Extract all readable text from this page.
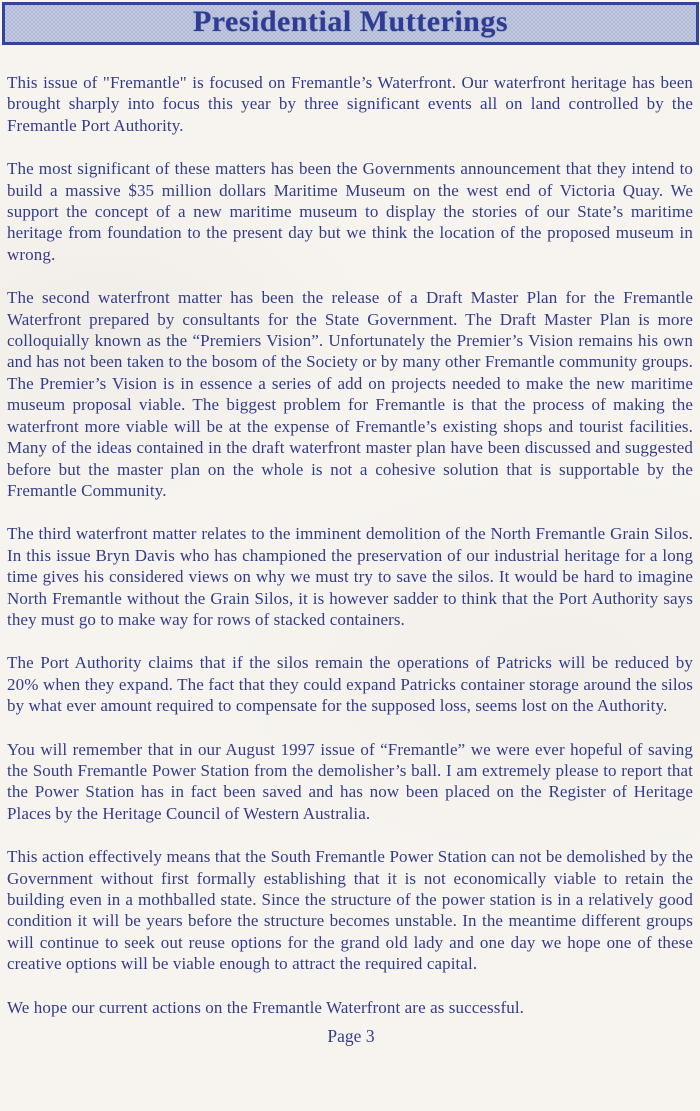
Presidential Mutterings

This issue of "Fremantle" is focused on Fremantle’s Waterfront. Our waterfront heritage has been brought sharply into focus this year by three significant events all on land controlled by the Fremantle Port Authority.

The most significant of these matters has been the Governments announcement that they intend to build a massive $35 million dollars Maritime Museum on the west end of Victoria Quay. We support the concept of a new maritime museum to display the stories of our State’s maritime heritage from foundation to the present day but we think the location of the proposed museum in wrong.

The second waterfront matter has been the release of a Draft Master Plan for the Fremantle Waterfront prepared by consultants for the State Government. The Draft Master Plan is more colloquially known as the “Premiers Vision”. Unfortunately the Premier’s Vision remains his own and has not been taken to the bosom of the Society or by many other Fremantle community groups. The Premier’s Vision is in essence a series of add on projects needed to make the new maritime museum proposal viable. The biggest problem for Fremantle is that the process of making the waterfront more viable will be at the expense of Fremantle’s existing shops and tourist facilities. Many of the ideas contained in the draft waterfront master plan have been discussed and suggested before but the master plan on the whole is not a cohesive solution that is supportable by the Fremantle Community.

The third waterfront matter relates to the imminent demolition of the North Fremantle Grain Silos. In this issue Bryn Davis who has championed the preservation of our industrial heritage for a long time gives his considered views on why we must try to save the silos. It would be hard to imagine North Fremantle without the Grain Silos, it is however sadder to think that the Port Authority says they must go to make way for rows of stacked containers.

The Port Authority claims that if the silos remain the operations of Patricks will be reduced by 20% when they expand. The fact that they could expand Patricks container storage around the silos by what ever amount required to compensate for the supposed loss, seems lost on the Authority.

You will remember that in our August 1997 issue of “Fremantle” we were ever hopeful of saving the South Fremantle Power Station from the demolisher’s ball. I am extremely please to report that the Power Station has in fact been saved and has now been placed on the Register of Heritage Places by the Heritage Council of Western Australia.

This action effectively means that the South Fremantle Power Station can not be demolished by the Government without first formally establishing that it is not economically viable to retain the building even in a mothballed state. Since the structure of the power station is in a relatively good condition it will be years before the structure becomes unstable. In the meantime different groups will continue to seek out reuse options for the grand old lady and one day we hope one of these creative options will be viable enough to attract the required capital.

We hope our current actions on the Fremantle Waterfront are as successful.

Page 3
